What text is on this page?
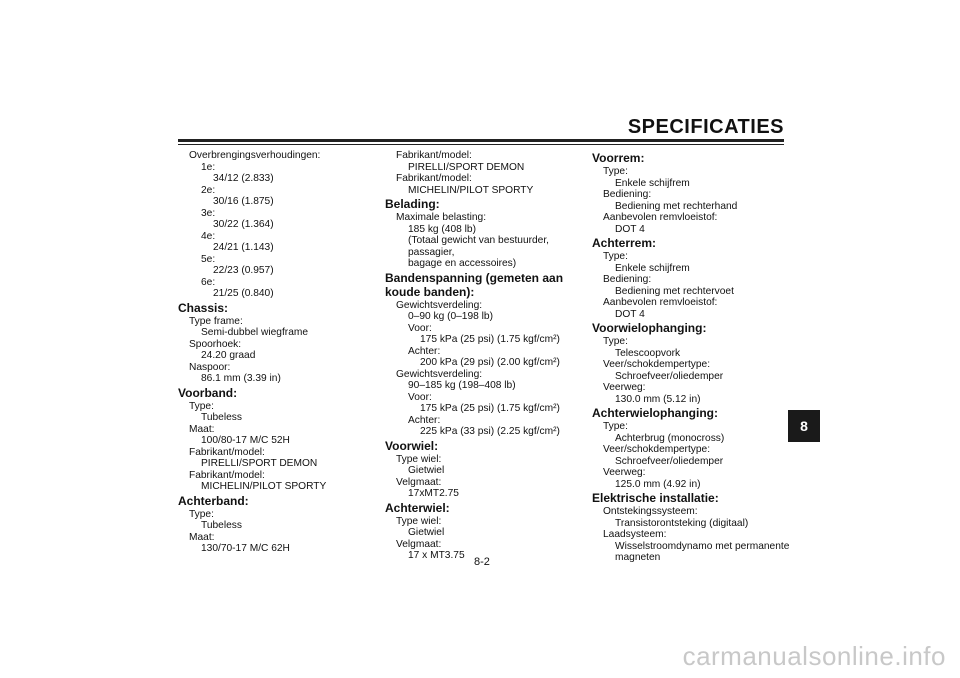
SPECIFICATIES
Overbrengingsverhoudingen:
1e:
34/12 (2.833)
2e:
30/16 (1.875)
3e:
30/22 (1.364)
4e:
24/21 (1.143)
5e:
22/23 (0.957)
6e:
21/25 (0.840)
Chassis:
Type frame:
Semi-dubbel wiegframe
Spoorhoek:
24.20 graad
Naspoor:
86.1 mm (3.39 in)
Voorband:
Type:
Tubeless
Maat:
100/80-17 M/C 52H
Fabrikant/model:
PIRELLI/SPORT DEMON
Fabrikant/model:
MICHELIN/PILOT SPORTY
Achterband:
Type:
Tubeless
Maat:
130/70-17 M/C 62H
Fabrikant/model:
PIRELLI/SPORT DEMON
Fabrikant/model:
MICHELIN/PILOT SPORTY
Belading:
Maximale belasting:
185 kg (408 lb)
(Totaal gewicht van bestuurder, passagier,
bagage en accessoires)
Bandenspanning (gemeten aan koude banden):
Gewichtsverdeling:
0–90 kg (0–198 lb)
Voor:
175 kPa (25 psi) (1.75 kgf/cm²)
Achter:
200 kPa (29 psi) (2.00 kgf/cm²)
Gewichtsverdeling:
90–185 kg (198–408 lb)
Voor:
175 kPa (25 psi) (1.75 kgf/cm²)
Achter:
225 kPa (33 psi) (2.25 kgf/cm²)
Voorwiel:
Type wiel:
Gietwiel
Velgmaat:
17xMT2.75
Achterwiel:
Type wiel:
Gietwiel
Velgmaat:
17 x MT3.75
Voorrem:
Type:
Enkele schijfrem
Bediening:
Bediening met rechterhand
Aanbevolen remvloeistof:
DOT 4
Achterrem:
Type:
Enkele schijfrem
Bediening:
Bediening met rechtervoet
Aanbevolen remvloeistof:
DOT 4
Voorwielophanging:
Type:
Telescoopvork
Veer/schokdempertype:
Schroefveer/oliedemper
Veerweg:
130.0 mm (5.12 in)
Achterwielophanging:
Type:
Achterbrug (monocross)
Veer/schokdempertype:
Schroefveer/oliedemper
Veerweg:
125.0 mm (4.92 in)
Elektrische installatie:
Ontstekingssysteem:
Transistorontsteking (digitaal)
Laadsysteem:
Wisselstroomdynamo met permanente
magneten
8
8-2
carmanualsonline.info
